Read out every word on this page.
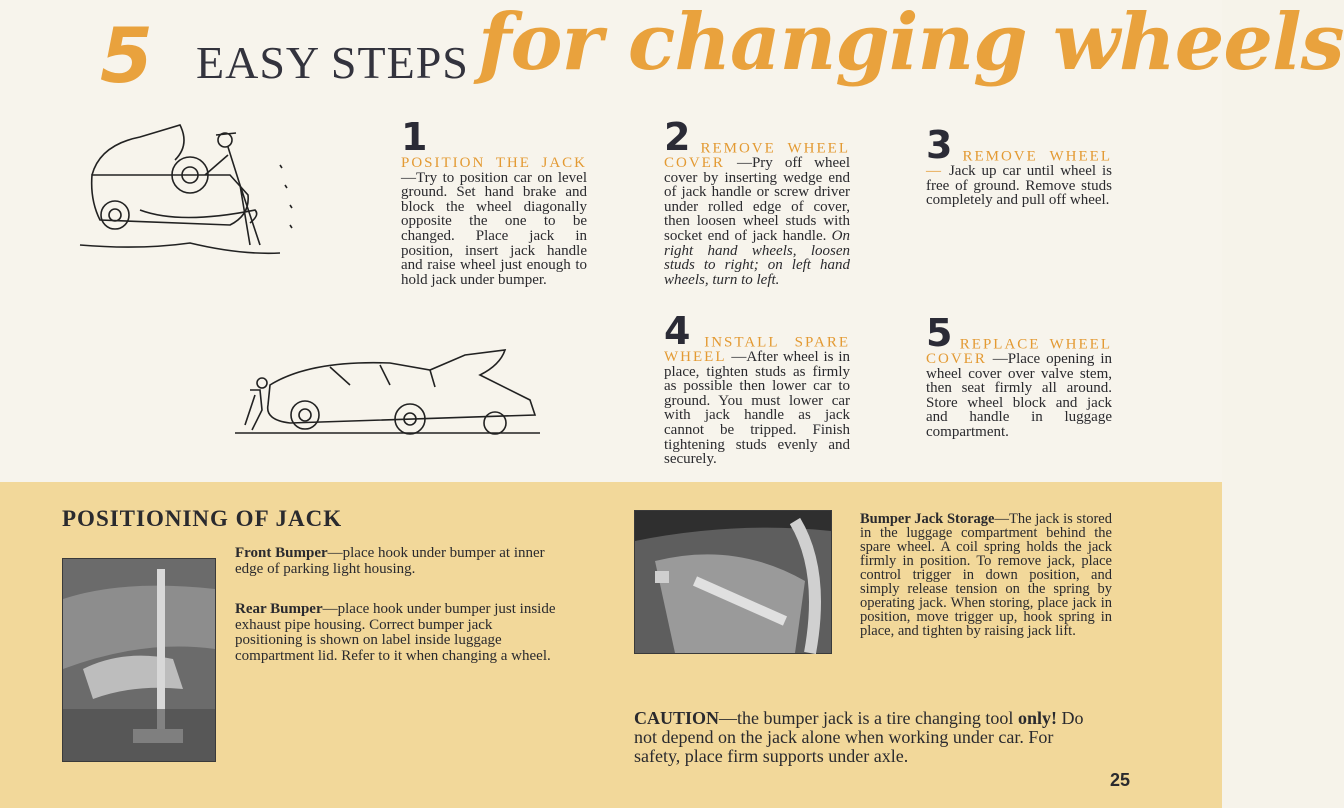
5 EASY STEPS for changing wheels
1
POSITION THE JACK —Try to position car on level ground. Set hand brake and block the wheel diagonally opposite the one to be changed. Place jack in position, insert jack handle and raise wheel just enough to hold jack under bumper.
2 REMOVE WHEEL COVER —Pry off wheel cover by inserting wedge end of jack handle or screw driver under rolled edge of cover, then loosen wheel studs with socket end of jack handle. On right hand wheels, loosen studs to right; on left hand wheels, turn to left.
3 REMOVE WHEEL— Jack up car until wheel is free of ground. Remove studs completely and pull off wheel.
4 INSTALL SPARE WHEEL —After wheel is in place, tighten studs as firmly as possible then lower car to ground. You must lower car with jack handle as jack cannot be tripped. Finish tightening studs evenly and securely.
5 REPLACE WHEEL COVER —Place opening in wheel cover over valve stem, then seat firmly all around. Store wheel block and jack and handle in luggage compartment.
POSITIONING OF JACK
Front Bumper—place hook under bumper at inner edge of parking light housing.
Rear Bumper—place hook under bumper just inside exhaust pipe housing. Correct bumper jack positioning is shown on label inside luggage compartment lid. Refer to it when changing a wheel.
Bumper Jack Storage—The jack is stored in the luggage compartment behind the spare wheel. A coil spring holds the jack firmly in position. To remove jack, place control trigger in down position, and simply release tension on the spring by operating jack. When storing, place jack in position, move trigger up, hook spring in place, and tighten by raising jack lift.
CAUTION—the bumper jack is a tire changing tool only! Do not depend on the jack alone when working under car. For safety, place firm supports under axle.
25
